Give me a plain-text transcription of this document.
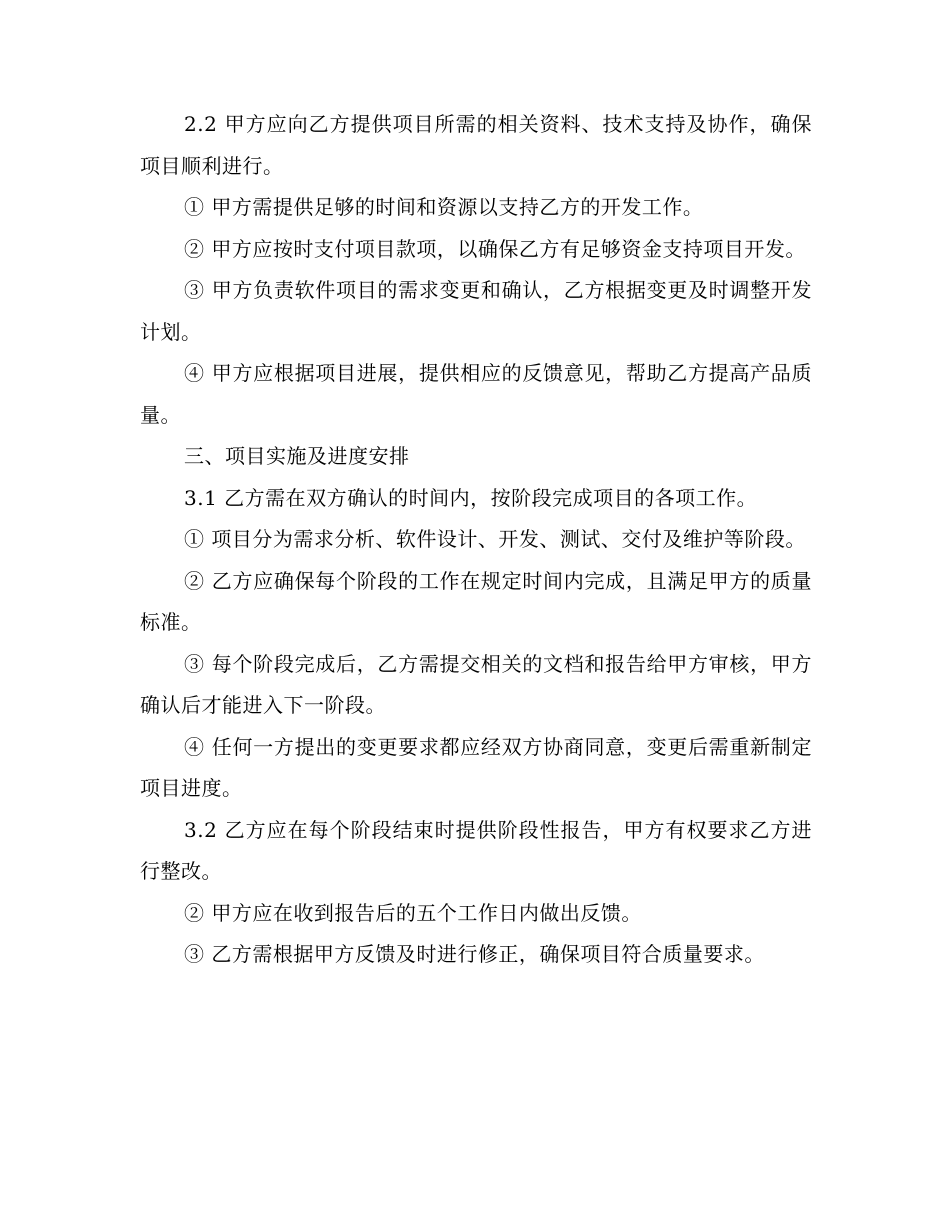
2.2 甲方应向乙方提供项目所需的相关资料、技术支持及协作，确保项目顺利进行。

① 甲方需提供足够的时间和资源以支持乙方的开发工作。

② 甲方应按时支付项目款项，以确保乙方有足够资金支持项目开发。

③ 甲方负责软件项目的需求变更和确认，乙方根据变更及时调整开发计划。

④ 甲方应根据项目进展，提供相应的反馈意见，帮助乙方提高产品质量。

三、项目实施及进度安排

3.1 乙方需在双方确认的时间内，按阶段完成项目的各项工作。

① 项目分为需求分析、软件设计、开发、测试、交付及维护等阶段。

② 乙方应确保每个阶段的工作在规定时间内完成，且满足甲方的质量标准。

③ 每个阶段完成后，乙方需提交相关的文档和报告给甲方审核，甲方确认后才能进入下一阶段。

④ 任何一方提出的变更要求都应经双方协商同意，变更后需重新制定项目进度。

3.2 乙方应在每个阶段结束时提供阶段性报告，甲方有权要求乙方进行整改。

② 甲方应在收到报告后的五个工作日内做出反馈。

③ 乙方需根据甲方反馈及时进行修正，确保项目符合质量要求。
